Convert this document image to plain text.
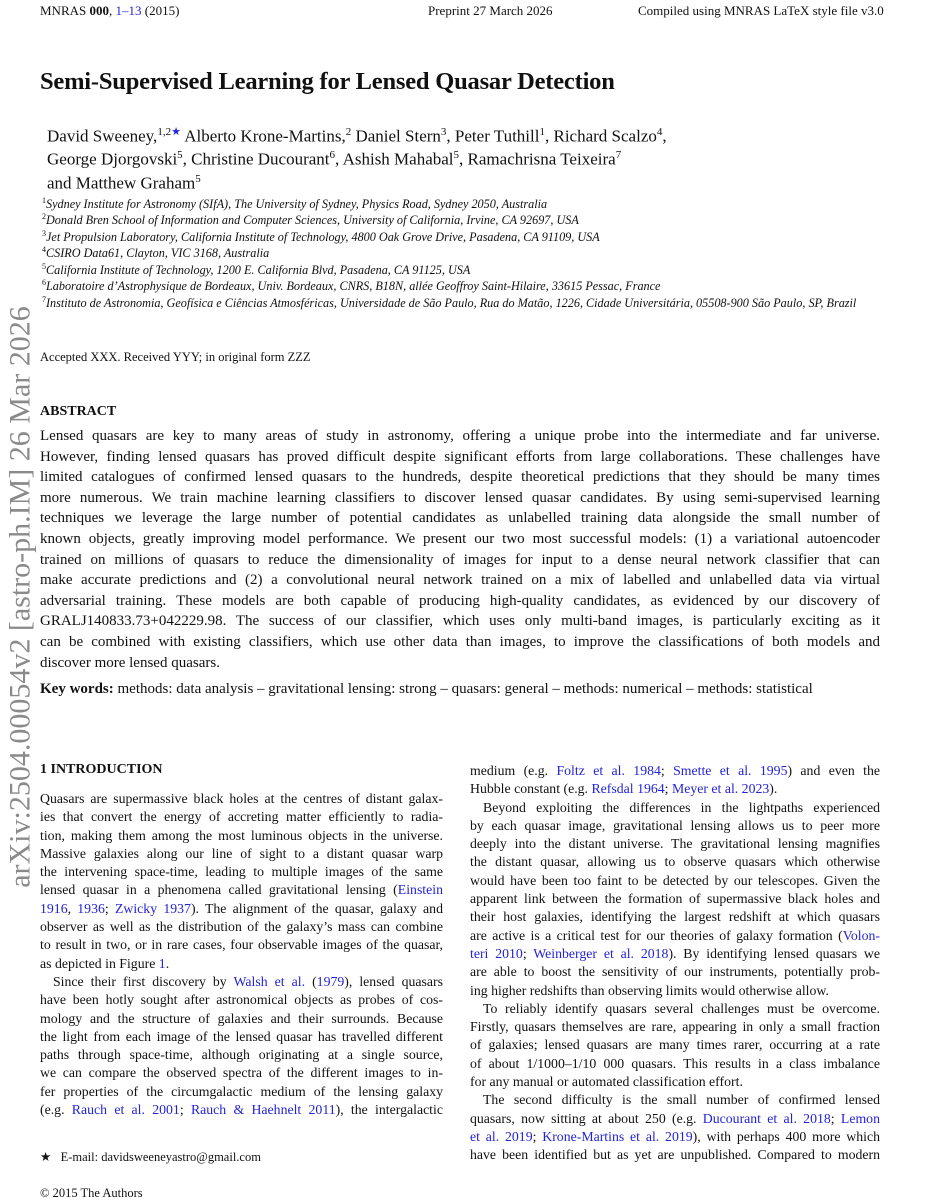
MNRAS 000, 1–13 (2015)	Preprint 27 March 2026	Compiled using MNRAS LaTeX style file v3.0
arXiv:2504.00054v2 [astro-ph.IM] 26 Mar 2026
Semi-Supervised Learning for Lensed Quasar Detection
David Sweeney,$^{1,2★}$ Alberto Krone-Martins,$^2$ Daniel Stern$^3$, Peter Tuthill$^1$, Richard Scalzo$^4$,
George Djorgovski$^5$, Christine Ducourant$^6$, Ashish Mahabal$^5$, Ramachrisna Teixeira$^7$
and Matthew Graham$^5$
$^1$Sydney Institute for Astronomy (SIfA), The University of Sydney, Physics Road, Sydney 2050, Australia
$^2$Donald Bren School of Information and Computer Sciences, University of California, Irvine, CA 92697, USA
$^3$Jet Propulsion Laboratory, California Institute of Technology, 4800 Oak Grove Drive, Pasadena, CA 91109, USA
$^4$CSIRO Data61, Clayton, VIC 3168, Australia
$^5$California Institute of Technology, 1200 E. California Blvd, Pasadena, CA 91125, USA
$^6$Laboratoire d’Astrophysique de Bordeaux, Univ. Bordeaux, CNRS, B18N, allée Geoffroy Saint-Hilaire, 33615 Pessac, France
$^7$Instituto de Astronomia, Geofísica e Ciências Atmosféricas, Universidade de São Paulo, Rua do Matão, 1226, Cidade Universitária, 05508-900 São Paulo, SP, Brazil
Accepted XXX. Received YYY; in original form ZZZ
ABSTRACT
Lensed quasars are key to many areas of study in astronomy, offering a unique probe into the intermediate and far universe.
However, finding lensed quasars has proved difficult despite significant efforts from large collaborations. These challenges have
limited catalogues of confirmed lensed quasars to the hundreds, despite theoretical predictions that they should be many times
more numerous. We train machine learning classifiers to discover lensed quasar candidates. By using semi-supervised learning
techniques we leverage the large number of potential candidates as unlabelled training data alongside the small number of
known objects, greatly improving model performance. We present our two most successful models: (1) a variational autoencoder
trained on millions of quasars to reduce the dimensionality of images for input to a dense neural network classifier that can
make accurate predictions and (2) a convolutional neural network trained on a mix of labelled and unlabelled data via virtual
adversarial training. These models are both capable of producing high-quality candidates, as evidenced by our discovery of
GRALJ140833.73+042229.98. The success of our classifier, which uses only multi-band images, is particularly exciting as it
can be combined with existing classifiers, which use other data than images, to improve the classifications of both models and
discover more lensed quasars.
Key words: methods: data analysis – gravitational lensing: strong – quasars: general – methods: numerical – methods: statistical
1 INTRODUCTION
Quasars are supermassive black holes at the centres of distant galax-
ies that convert the energy of accreting matter efficiently to radia-
tion, making them among the most luminous objects in the universe.
Massive galaxies along our line of sight to a distant quasar warp
the intervening space-time, leading to multiple images of the same
lensed quasar in a phenomena called gravitational lensing (Einstein
1916, 1936; Zwicky 1937). The alignment of the quasar, galaxy and
observer as well as the distribution of the galaxy’s mass can combine
to result in two, or in rare cases, four observable images of the quasar,
as depicted in Figure 1.
Since their first discovery by Walsh et al. (1979), lensed quasars
have been hotly sought after astronomical objects as probes of cos-
mology and the structure of galaxies and their surrounds. Because
the light from each image of the lensed quasar has travelled different
paths through space-time, although originating at a single source,
we can compare the observed spectra of the different images to in-
fer properties of the circumgalactic medium of the lensing galaxy
(e.g. Rauch et al. 2001; Rauch & Haehnelt 2011), the intergalactic
medium (e.g. Foltz et al. 1984; Smette et al. 1995) and even the
Hubble constant (e.g. Refsdal 1964; Meyer et al. 2023).
Beyond exploiting the differences in the lightpaths experienced
by each quasar image, gravitational lensing allows us to peer more
deeply into the distant universe. The gravitational lensing magnifies
the distant quasar, allowing us to observe quasars which otherwise
would have been too faint to be detected by our telescopes. Given the
apparent link between the formation of supermassive black holes and
their host galaxies, identifying the largest redshift at which quasars
are active is a critical test for our theories of galaxy formation (Volon-
teri 2010; Weinberger et al. 2018). By identifying lensed quasars we
are able to boost the sensitivity of our instruments, potentially prob-
ing higher redshifts than observing limits would otherwise allow.
To reliably identify quasars several challenges must be overcome.
Firstly, quasars themselves are rare, appearing in only a small fraction
of galaxies; lensed quasars are many times rarer, occurring at a rate
of about 1/1000–1/10 000 quasars. This results in a class imbalance
for any manual or automated classification effort.
The second difficulty is the small number of confirmed lensed
quasars, now sitting at about 250 (e.g. Ducourant et al. 2018; Lemon
et al. 2019; Krone-Martins et al. 2019), with perhaps 400 more which
have been identified but as yet are unpublished. Compared to modern
★ E-mail: davidsweeneyastro@gmail.com
© 2015 The Authors
